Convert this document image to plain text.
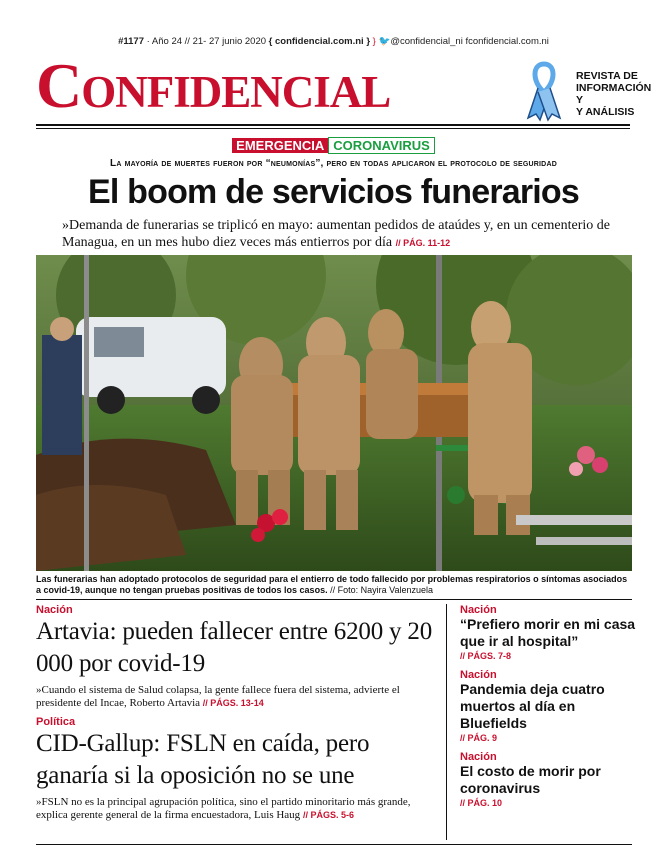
#1177 · Año 24 // 21- 27 junio 2020 { confidencial.com.ni } } 🐦@confidencial_ni fconfidencial.com.ni
Confidencial	REVISTA DE
INFORMACIÓN Y
Y ANÁLISIS
EMERGENCIA CORONAVIRUS
La mayoría de muertes fueron por “neumonías”, pero en todas aplicaron el protocolo de seguridad
El boom de servicios funerarios
»Demanda de funerarias se triplicó en mayo: aumentan pedidos de ataúdes y, en un cementerio de Managua, en un mes hubo diez veces más entierros por día // PÁG. 11-12
Las funerarias han adoptado protocolos de seguridad para el entierro de todo fallecido por problemas respiratorios o síntomas asociados a covid-19, aunque no tengan pruebas positivas de todos los casos. // Foto: Nayira Valenzuela
Nación
Artavia: pueden fallecer entre 6200 y 20 000 por covid-19
»Cuando el sistema de Salud colapsa, la gente fallece fuera del sistema, advierte el presidente del Incae, Roberto Artavia // PÁGS. 13-14
Política
CID-Gallup: FSLN en caída, pero ganaría si la oposición no se une
»FSLN no es la principal agrupación política, sino el partido minoritario más grande, explica gerente general de la firma encuestadora, Luis Haug // PÁGS. 5-6
Nación
“Prefiero morir en mi casa que ir al hospital”
// PÁGS. 7-8
Nación
Pandemia deja cuatro muertos al día en Bluefields
// PÁG. 9
Nación
El costo de morir por coronavirus
// PÁG. 10
